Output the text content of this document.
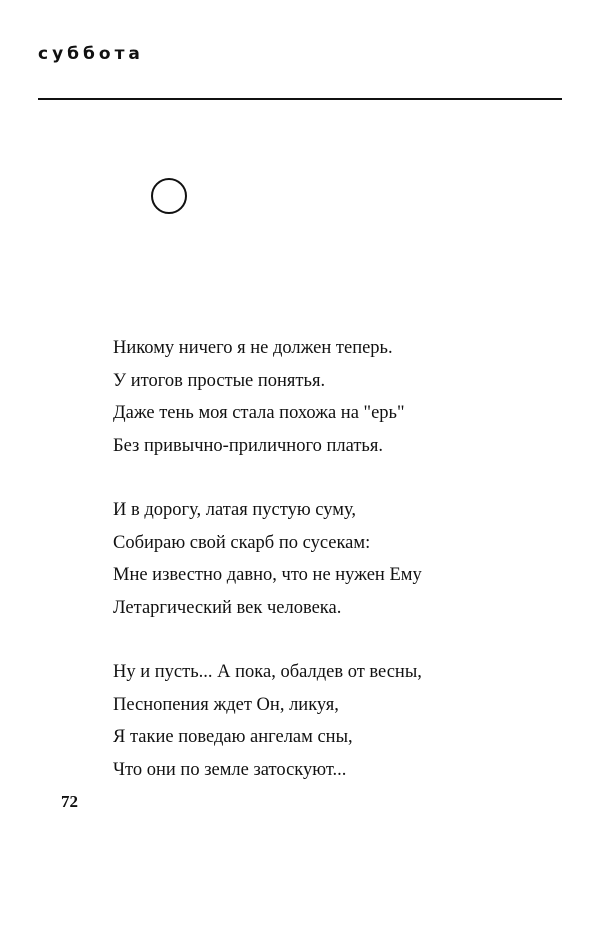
суббота
Никому ничего я не должен теперь.
У итогов простые понятья.
Даже тень моя стала похожа на "ерь"
Без привычно-приличного платья.
И в дорогу, латая пустую суму,
Собираю свой скарб по сусекам:
Мне известно давно, что не нужен Ему
Летаргический век человека.
Ну и пусть... А пока, обалдев от весны,
Песнопения ждет Он, ликуя,
Я такие поведаю ангелам сны,
Что они по земле затоскуют...
72
